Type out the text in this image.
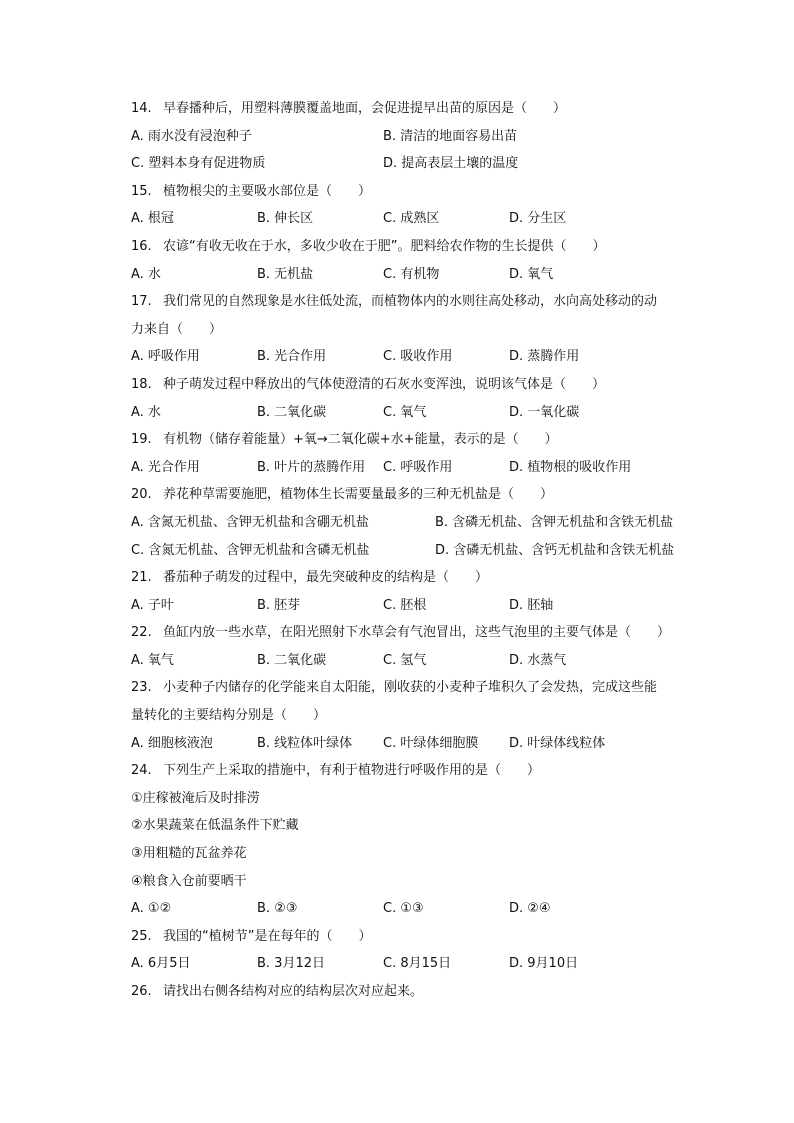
14. 早春播种后，用塑料薄膜覆盖地面，会促进提早出苗的原因是（　　）
A. 雨水没有浸泡种子	B. 清洁的地面容易出苗
C. 塑料本身有促进物质	D. 提高表层土壤的温度
15. 植物根尖的主要吸水部位是（　　）
A. 根冠	B. 伸长区	C. 成熟区	D. 分生区
16. 农谚“有收无收在于水，多收少收在于肥”。肥料给农作物的生长提供（　　）
A. 水	B. 无机盐	C. 有机物	D. 氧气
17. 我们常见的自然现象是水往低处流，而植物体内的水则往高处移动，水向高处移动的动
力来自（　　）
A. 呼吸作用	B. 光合作用	C. 吸收作用	D. 蒸腾作用
18. 种子萌发过程中释放出的气体使澄清的石灰水变浑浊，说明该气体是（　　）
A. 水	B. 二氧化碳	C. 氧气	D. 一氧化碳
19. 有机物（储存着能量）+氧→二氧化碳+水+能量，表示的是（　　）
A. 光合作用	B. 叶片的蒸腾作用	C. 呼吸作用	D. 植物根的吸收作用
20. 养花种草需要施肥，植物体生长需要量最多的三种无机盐是（　　）
A. 含氮无机盐、含钾无机盐和含硼无机盐	B. 含磷无机盐、含钾无机盐和含铁无机盐
C. 含氮无机盐、含钾无机盐和含磷无机盐	D. 含磷无机盐、含钙无机盐和含铁无机盐
21. 番茄种子萌发的过程中，最先突破种皮的结构是（　　）
A. 子叶	B. 胚芽	C. 胚根	D. 胚轴
22. 鱼缸内放一些水草，在阳光照射下水草会有气泡冒出，这些气泡里的主要气体是（　　）
A. 氧气	B. 二氧化碳	C. 氢气	D. 水蒸气
23. 小麦种子内储存的化学能来自太阳能，刚收获的小麦种子堆积久了会发热，完成这些能
量转化的主要结构分别是（　　）
A. 细胞核液泡	B. 线粒体叶绿体	C. 叶绿体细胞膜	D. 叶绿体线粒体
24. 下列生产上采取的措施中，有利于植物进行呼吸作用的是（　　）
①庄稼被淹后及时排涝
②水果蔬菜在低温条件下贮藏
③用粗糙的瓦盆养花
④粮食入仓前要晒干
A. ①②	B. ②③	C. ①③	D. ②④
25. 我国的“植树节”是在每年的（　　）
A. 6月5日	B. 3月12日	C. 8月15日	D. 9月10日
26. 请找出右侧各结构对应的结构层次对应起来。
